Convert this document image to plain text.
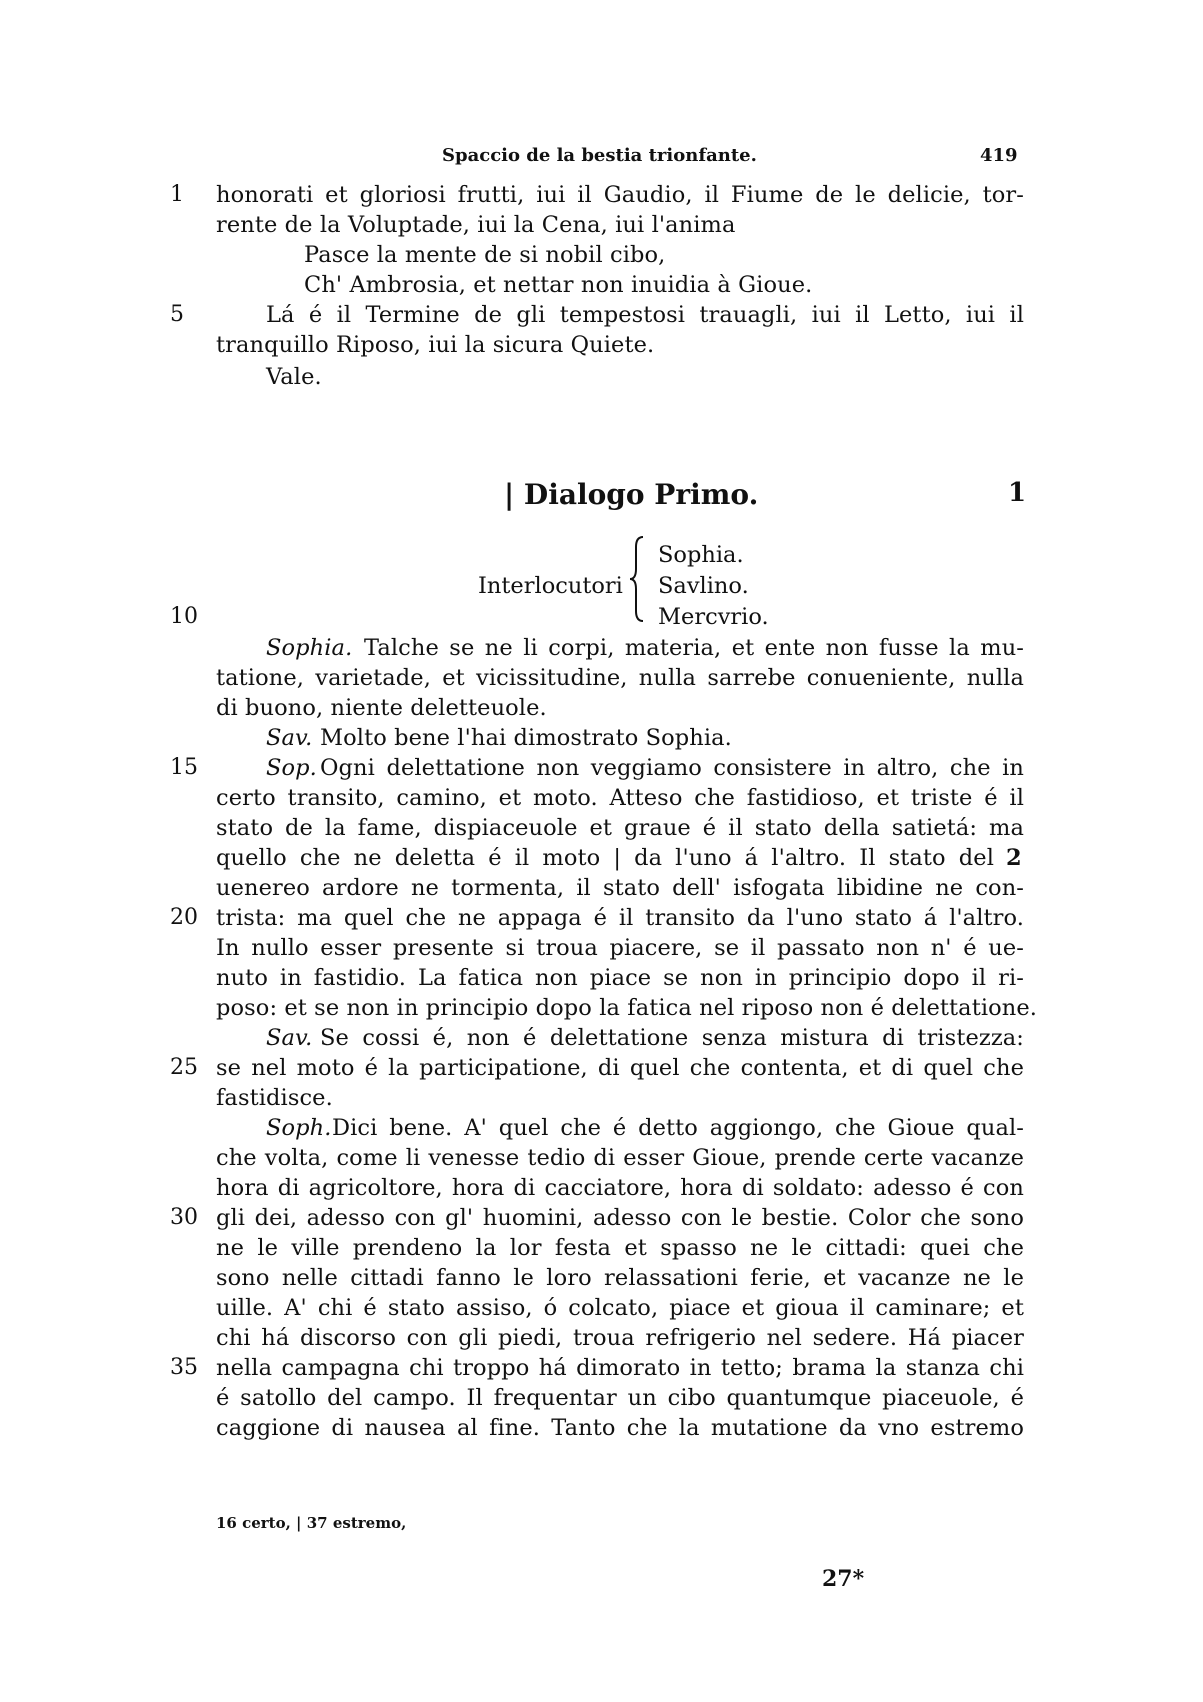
Spaccio de la bestia trionfante.	419
1	honorati et gloriosi frutti, iui il Gaudio, il Fiume de le delicie, tor-
rente de la Voluptade, iui la Cena, iui l'anima
Pasce la mente de si nobil cibo,
Ch' Ambrosia, et nettar non inuidia à Gioue.
5	Lá é il Termine de gli tempestosi trauagli, iui il Letto, iui il
tranquillo Riposo, iui la sicura Quiete.
Vale.
| Dialogo Primo.	1
Interlocutori
Sophia.
Savlino.
Mercvrio.
10
Sophia. Talche se ne li corpi, materia, et ente non fusse la mu-
tatione, varietade, et vicissitudine, nulla sarrebe conueniente, nulla
di buono, niente deletteuole.
Sav. Molto bene l'hai dimostrato Sophia.
15	Sop. Ogni delettatione non veggiamo consistere in altro, che in
certo transito, camino, et moto. Atteso che fastidioso, et triste é il
stato de la fame, dispiaceuole et graue é il stato della satietá: ma
quello che ne deletta é il moto | da l'uno á l'altro. Il stato del 2
uenereo ardore ne tormenta, il stato dell' isfogata libidine ne con-
20 trista: ma quel che ne appaga é il transito da l'uno stato á l'altro.
In nullo esser presente si troua piacere, se il passato non n' é ue-
nuto in fastidio. La fatica non piace se non in principio dopo il ri-
poso: et se non in principio dopo la fatica nel riposo non é delettatione.
Sav. Se cossi é, non é delettatione senza mistura di tristezza:
25 se nel moto é la participatione, di quel che contenta, et di quel che
fastidisce.
Soph. Dici bene. A' quel che é detto aggiongo, che Gioue qual-
che volta, come li venesse tedio di esser Gioue, prende certe vacanze
hora di agricoltore, hora di cacciatore, hora di soldato: adesso é con
30 gli dei, adesso con gl' huomini, adesso con le bestie. Color che sono
ne le ville prendeno la lor festa et spasso ne le cittadi: quei che
sono nelle cittadi fanno le loro relassationi ferie, et vacanze ne le
uille. A' chi é stato assiso, ó colcato, piace et gioua il caminare; et
chi há discorso con gli piedi, troua refrigerio nel sedere. Há piacer
35 nella campagna chi troppo há dimorato in tetto; brama la stanza chi
é satollo del campo. Il frequentar un cibo quantumque piaceuole, é
caggione di nausea al fine. Tanto che la mutatione da vno estremo
16 certo, | 37 estremo,
27*
